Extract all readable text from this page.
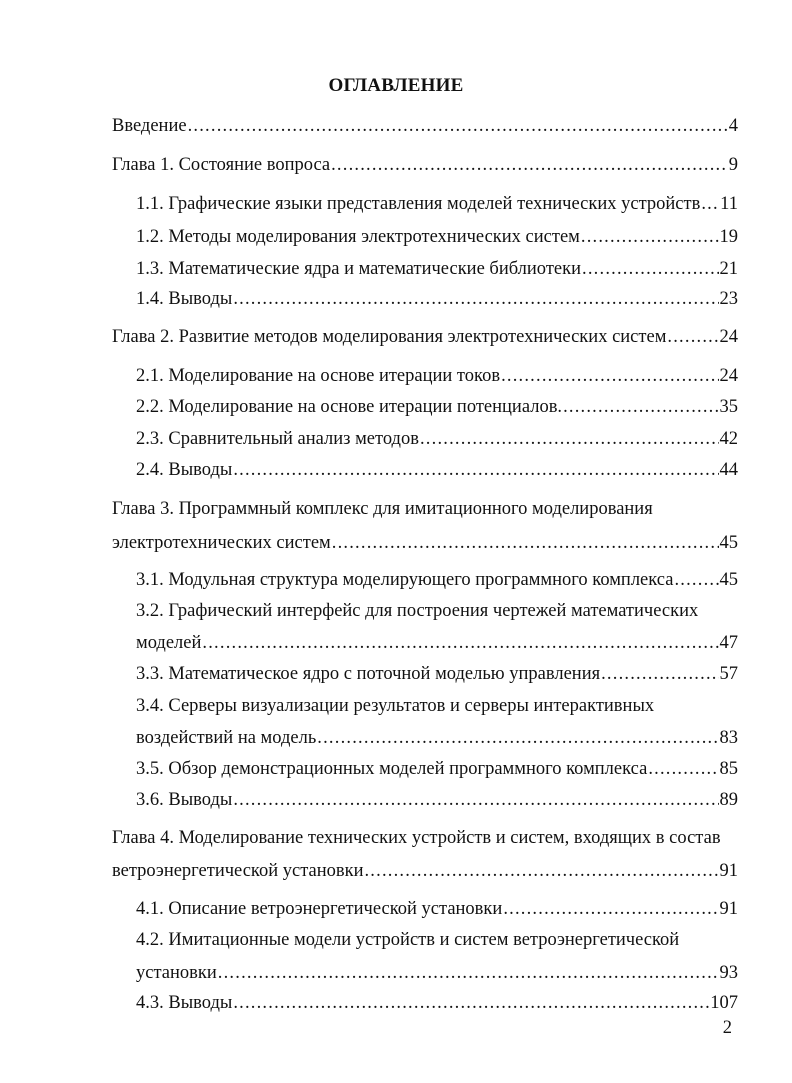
ОГЛАВЛЕНИЕ
Введение .....	4
Глава 1. Состояние вопроса .....	9
1.1. Графические языки представления моделей технических устройств ..... 11
1.2. Методы моделирования электротехнических систем .....	19
1.3. Математические ядра и математические библиотеки .....	21
1.4. Выводы .....	23
Глава 2. Развитие методов моделирования электротехнических систем .....	24
2.1. Моделирование на основе итерации токов .....	24
2.2. Моделирование на основе итерации потенциалов. .....	35
2.3. Сравнительный анализ методов .....	42
2.4. Выводы .....	44
Глава 3. Программный комплекс для имитационного моделирования
электротехнических систем .....	45
3.1. Модульная структура моделирующего программного комплекса ..... 45
3.2. Графический интерфейс для построения чертежей математических
моделей .....	47
3.3. Математическое ядро с поточной моделью управления .....	57
3.4. Серверы визуализации результатов и серверы интерактивных
воздействий на модель .....	83
3.5. Обзор демонстрационных моделей программного комплекса .....	85
3.6. Выводы .....	89
Глава 4. Моделирование технических устройств и систем, входящих в состав
ветроэнергетической установки .....	91
4.1. Описание ветроэнергетической установки .....	91
4.2. Имитационные модели устройств и систем ветроэнергетической
установки .....	93
4.3. Выводы .....	107
2
